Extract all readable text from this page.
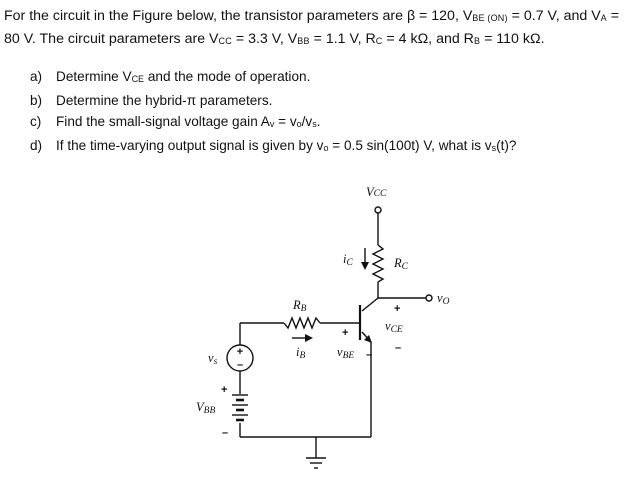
For the circuit in the Figure below, the transistor parameters are β = 120, $V_{BE (ON)} = 0.7$ V, and $V_A = 80$ V. The circuit parameters are $V_{CC} = 3.3$ V, $V_{BB} = 1.1$ V, $R_C = 4$ kΩ, and $R_B = 110$ kΩ.
a) Determine $V_{CE}$ and the mode of operation.
b) Determine the hybrid-π parameters.
c) Find the small-signal voltage gain $A_v = v_o/v_s$.
d) If the time-varying output signal is given by $v_o = 0.5$ sin(100t) V, what is $v_s(t)$?
+
–
VCC
iC	RC
RB
iB	vBE
vCE
vO
vs
VBB
+
–
+
–
+
–
